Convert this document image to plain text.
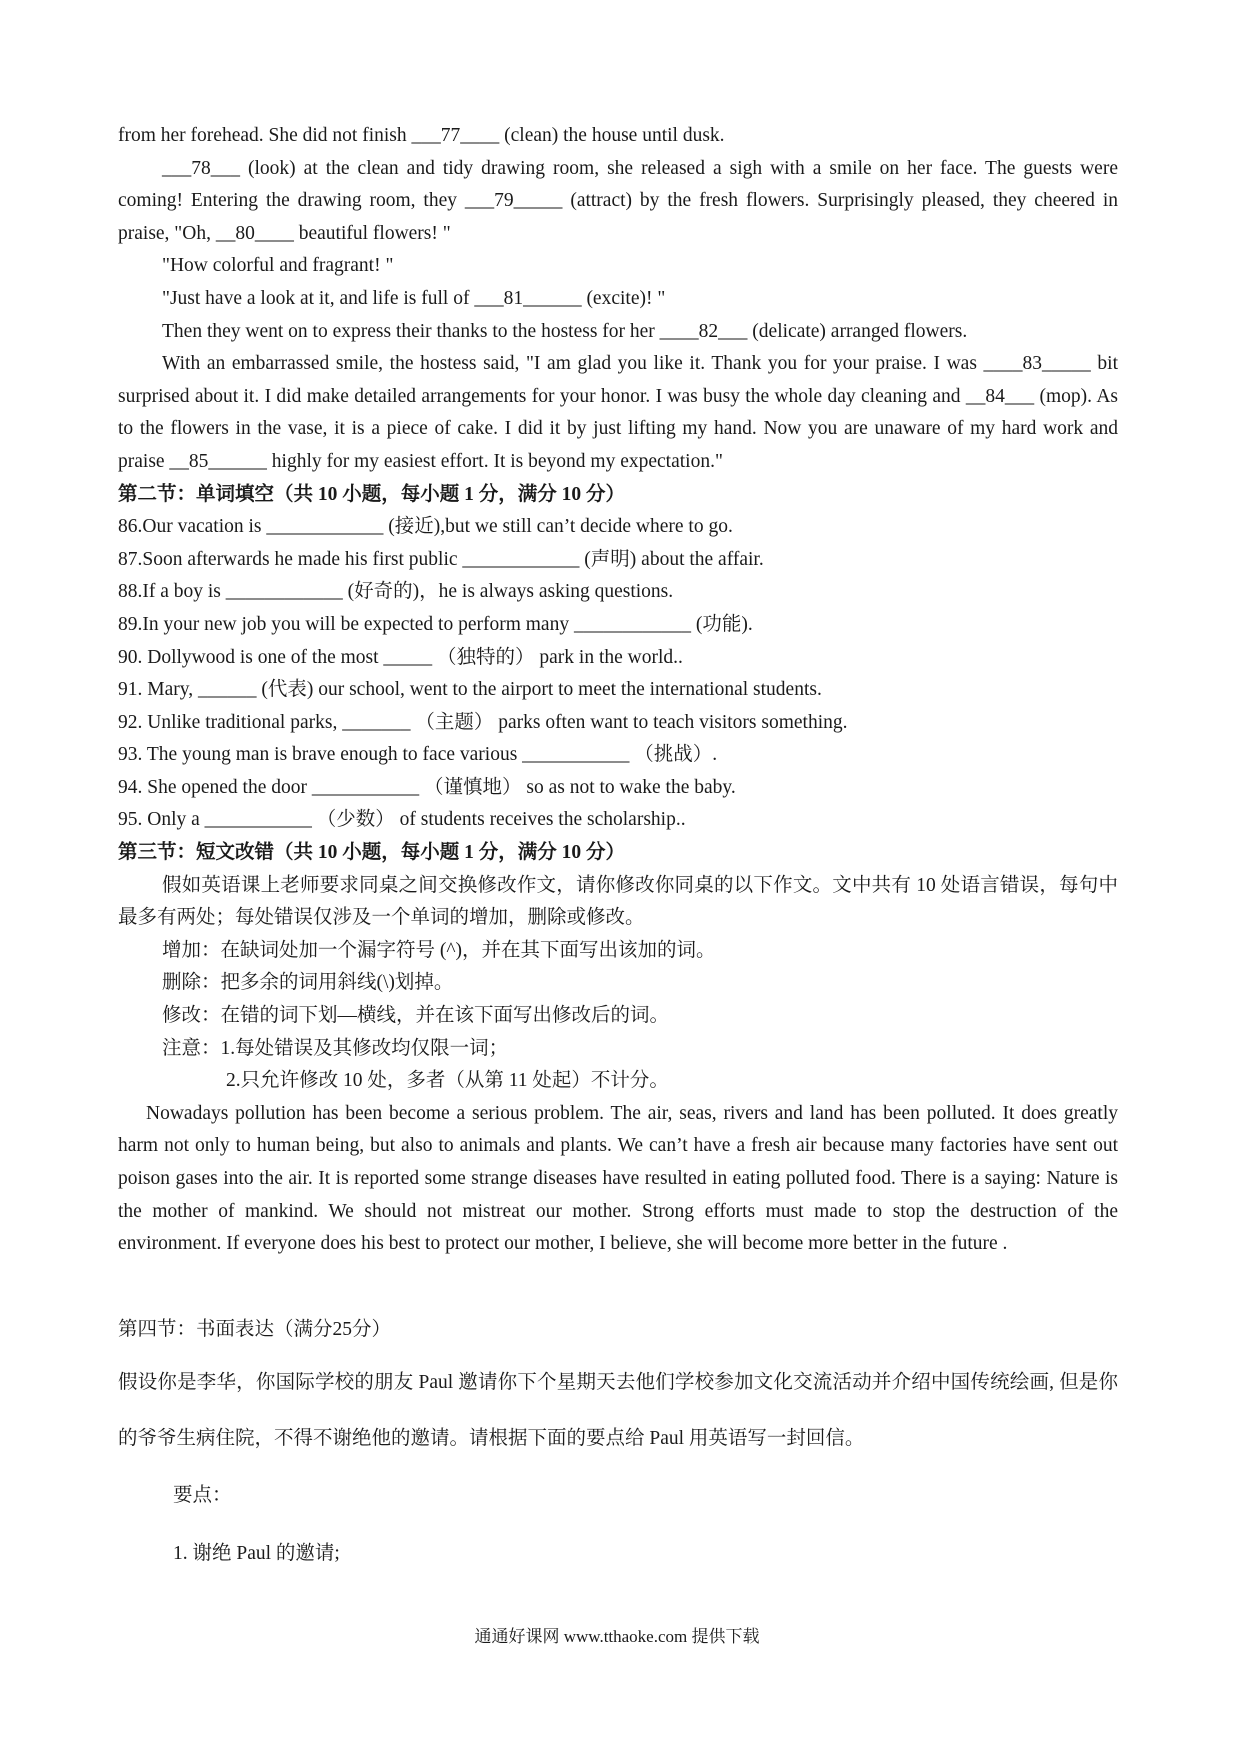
from her forehead. She did not finish ___77____ (clean) the house until dusk.

___78___ (look) at the clean and tidy drawing room, she released a sigh with a smile on her face. The guests were coming! Entering the drawing room, they ___79_____ (attract) by the fresh flowers. Surprisingly pleased, they cheered in praise, "Oh, __80____ beautiful flowers! "

"How colorful and fragrant! "

"Just have a look at it, and life is full of ___81______ (excite)! "

Then they went on to express their thanks to the hostess for her ____82___ (delicate) arranged flowers.

With an embarrassed smile, the hostess said, "I am glad you like it. Thank you for your praise. I was ____83_____ bit surprised about it. I did make detailed arrangements for your honor. I was busy the whole day cleaning and __84___ (mop). As to the flowers in the vase, it is a piece of cake. I did it by just lifting my hand. Now you are unaware of my hard work and praise __85______ highly for my easiest effort. It is beyond my expectation."

第二节：单词填空（共 10 小题，每小题 1 分，满分 10 分）

86.Our vacation is ____________ (接近),but we still can’t decide where to go.

87.Soon afterwards he made his first public ____________ (声明) about the affair.

88.If a boy is ____________ (好奇的)，he is always asking questions.

89.In your new job you will be expected to perform many ____________ (功能).

90. Dollywood is one of the most _____ （独特的） park in the world..

91. Mary, ______ (代表) our school, went to the airport to meet the international students.

92. Unlike traditional parks, _______ （主题） parks often want to teach visitors something.

93. The young man is brave enough to face various ___________ （挑战）.

94. She opened the door ___________ （谨慎地） so as not to wake the baby.

95. Only a ___________ （少数） of students receives the scholarship..

第三节：短文改错（共 10 小题，每小题 1 分，满分 10 分）

假如英语课上老师要求同桌之间交换修改作文，请你修改你同桌的以下作文。文中共有 10 处语言错误，每句中最多有两处；每处错误仅涉及一个单词的增加，删除或修改。

增加：在缺词处加一个漏字符号 (^)，并在其下面写出该加的词。

删除：把多余的词用斜线(\)划掉。

修改：在错的词下划—横线，并在该下面写出修改后的词。

注意：1.每处错误及其修改均仅限一词；

2.只允许修改 10 处，多者（从第 11 处起）不计分。

Nowadays pollution has been become a serious problem. The air, seas, rivers and land has been polluted. It does greatly harm not only to human being, but also to animals and plants. We can’t have a fresh air because many factories have sent out poison gases into the air. It is reported some strange diseases have resulted in eating polluted food. There is a saying: Nature is the mother of mankind. We should not mistreat our mother. Strong efforts must made to stop the destruction of the environment. If everyone does his best to protect our mother, I believe, she will become more better in the future .

第四节：书面表达（满分25分）

假设你是李华，你国际学校的朋友 Paul 邀请你下个星期天去他们学校参加文化交流活动并介绍中国传统绘画, 但是你的爷爷生病住院，不得不谢绝他的邀请。请根据下面的要点给 Paul 用英语写一封回信。

要点：

1. 谢绝 Paul 的邀请;

通通好课网 www.tthaoke.com 提供下载
